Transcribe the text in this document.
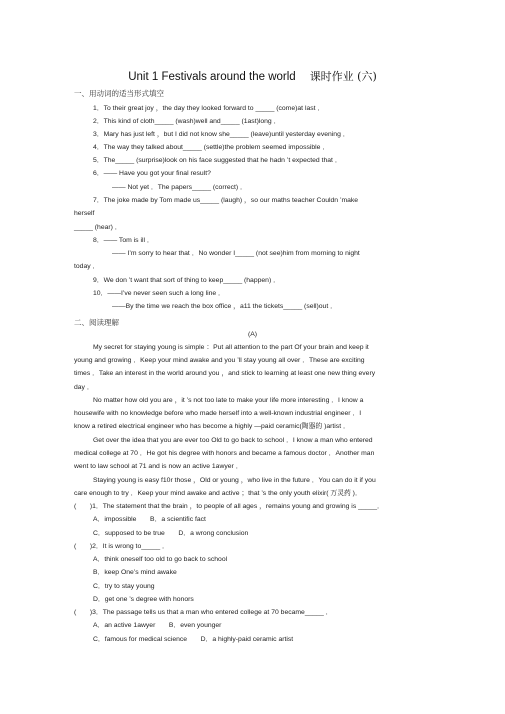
Unit 1 Festivals around the world 课时作业 (六)
一、用动词的适当形式填空
1．To their great joy ，the day they looked forward to _____ (come)at last ．
2．This kind of cloth_____ (wash)well and_____ (1ast)long ．
3．Mary has just left ，but I did not know she_____ (leave)until yesterday evening ．
4．The way they talked about_____ (settle)the problem seemed impossible ．
5．The_____ (surprise)look on his face suggested that he hadn ’t expected that ．
6．—— Have you got your final result?
—— Not yet ．The papers_____ (correct) ．
7．The joke made by Tom made us_____ (laugh) ，so our maths teacher Couldn ’make
herself
_____ (hear) ．
8．—— Tom is ill ．
—— I’m sorry to hear that ．No wonder I_____ (not see)him from morning to night
today ．
9．We don ’t want that sort of thing to keep_____ (happen) ．
10．——I’ve never seen such a long line ．
——By the time we reach the box office ，a11 the tickets_____ (sell)out ．
二、阅读理解
(A)
My secret for staying young is simple ：Put all attention to the part Of your brain and keep it
young and growing ．Keep your mind awake and you ’ll stay young all over ．These are exciting
times ．Take an interest in the world around you ，and stick to learning at least one new thing every
day ．
No matter how old you are ，it ’s not too late to make your life more interesting ．I know a
housewife with no knowledge before who made herself into a well-known industrial engineer ．I
know a retired electrical engineer who has become a highly —paid ceramic(陶器的 )artist ．
Get over the idea that you are ever too Old to go back to school ．I know a man who entered
medical college at 70 ．He got his degree with honors and became a famous doctor ．Another man
went to law school at 71 and is now an active 1awyer ．
Staying young is easy f10r those ，Old or young ，who live in the future ．You can do it if you
care enough to try ．Keep your mind awake and active ；that ’s the only youth elixir( 万灵药 )．
(　　)1．The statement that the brain ，to people of all ages ，remains young and growing is _____．
A．impossible　　B．a scientific fact
C．supposed to be true　　D．a wrong conclusion
(　　)2．It is wrong to_____ ．
A．think oneself too old to go back to school
B．keep One’s mind awake
C．try to stay young
D．get one ’s degree with honors
(　　)3．The passage tells us that a man who entered college at 70 became_____ ．
A．an active 1awyer　　B．even younger
C．famous for medical science　　D．a highly-paid ceramic artist
